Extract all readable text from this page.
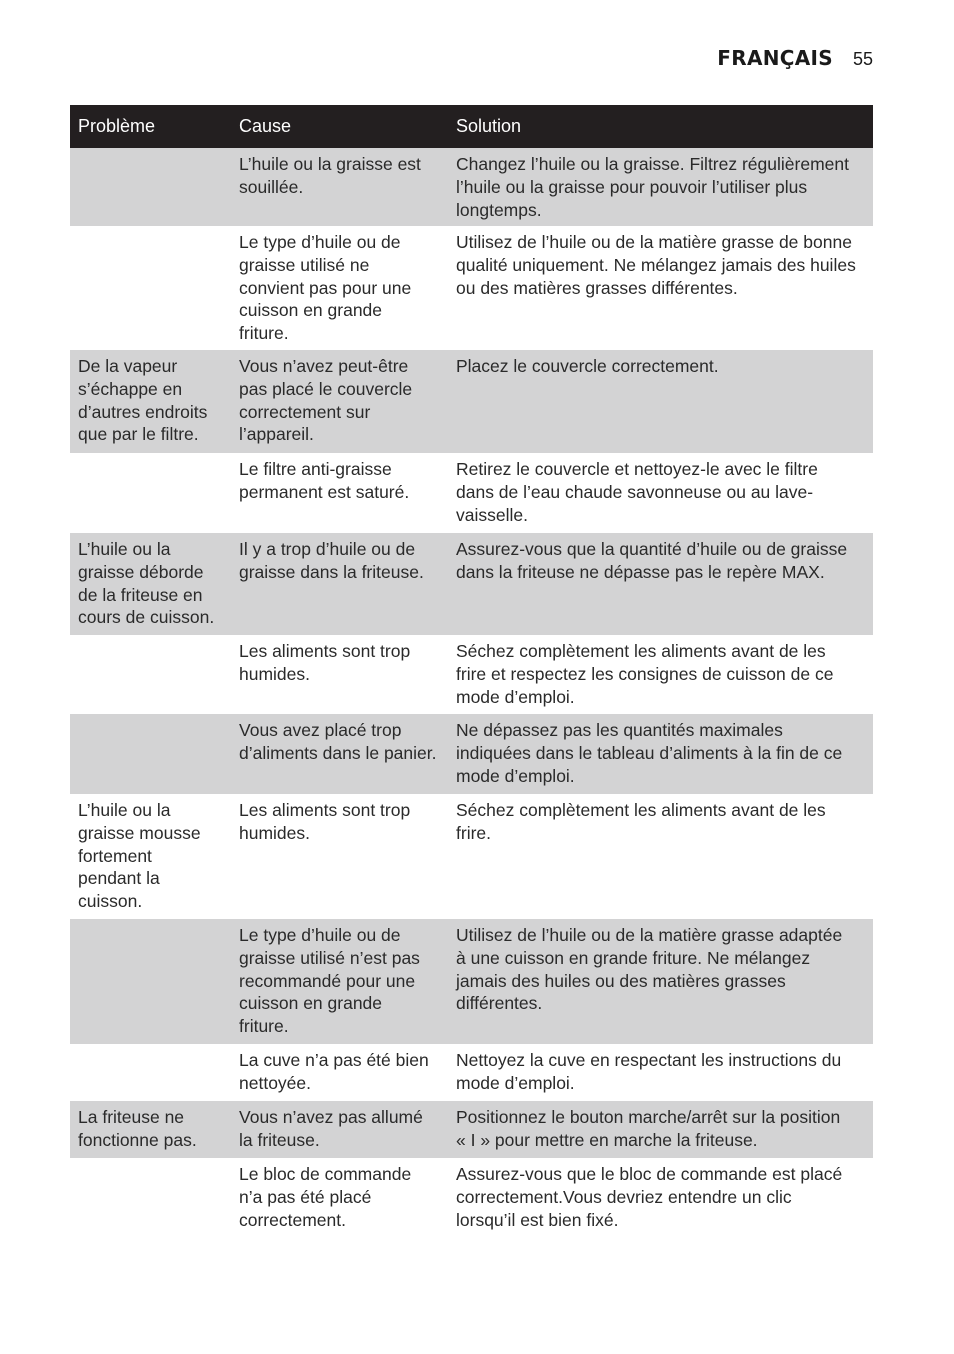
FRANÇAIS 55
Problème	Cause	Solution
L’huile ou la graisse est
souillée.
Changez l’huile ou la graisse. Filtrez régulièrement
l’huile ou la graisse pour pouvoir l’utiliser plus
longtemps.
Le type d’huile ou de
graisse utilisé ne
convient pas pour une
cuisson en grande
friture.
Utilisez de l’huile ou de la matière grasse de bonne
qualité uniquement. Ne mélangez jamais des huiles
ou des matières grasses différentes.
De la vapeur
s’échappe en
d’autres endroits
que par le filtre.
Vous n’avez peut-être
pas placé le couvercle
correctement sur
l’appareil.
Placez le couvercle correctement.
Le filtre anti-graisse
permanent est saturé.
Retirez le couvercle et nettoyez-le avec le filtre
dans de l’eau chaude savonneuse ou au lave-
vaisselle.
L’huile ou la
graisse déborde
de la friteuse en
cours de cuisson.
Il y a trop d’huile ou de
graisse dans la friteuse.
Assurez-vous que la quantité d’huile ou de graisse
dans la friteuse ne dépasse pas le repère MAX.
Les aliments sont trop
humides.
Séchez complètement les aliments avant de les
frire et respectez les consignes de cuisson de ce
mode d’emploi.
Vous avez placé trop
d’aliments dans le panier.
Ne dépassez pas les quantités maximales
indiquées dans le tableau d’aliments à la fin de ce
mode d’emploi.
L’huile ou la
graisse mousse
fortement
pendant la
cuisson.
Les aliments sont trop
humides.
Séchez complètement les aliments avant de les
frire.
Le type d’huile ou de
graisse utilisé n’est pas
recommandé pour une
cuisson en grande
friture.
Utilisez de l’huile ou de la matière grasse adaptée
à une cuisson en grande friture. Ne mélangez
jamais des huiles ou des matières grasses
différentes.
La cuve n’a pas été bien
nettoyée.
Nettoyez la cuve en respectant les instructions du
mode d’emploi.
La friteuse ne
fonctionne pas.
Vous n’avez pas allumé
la friteuse.
Positionnez le bouton marche/arrêt sur la position
« I » pour mettre en marche la friteuse.
Le bloc de commande
n’a pas été placé
correctement.
Assurez-vous que le bloc de commande est placé
correctement.Vous devriez entendre un clic
lorsqu’il est bien fixé.
